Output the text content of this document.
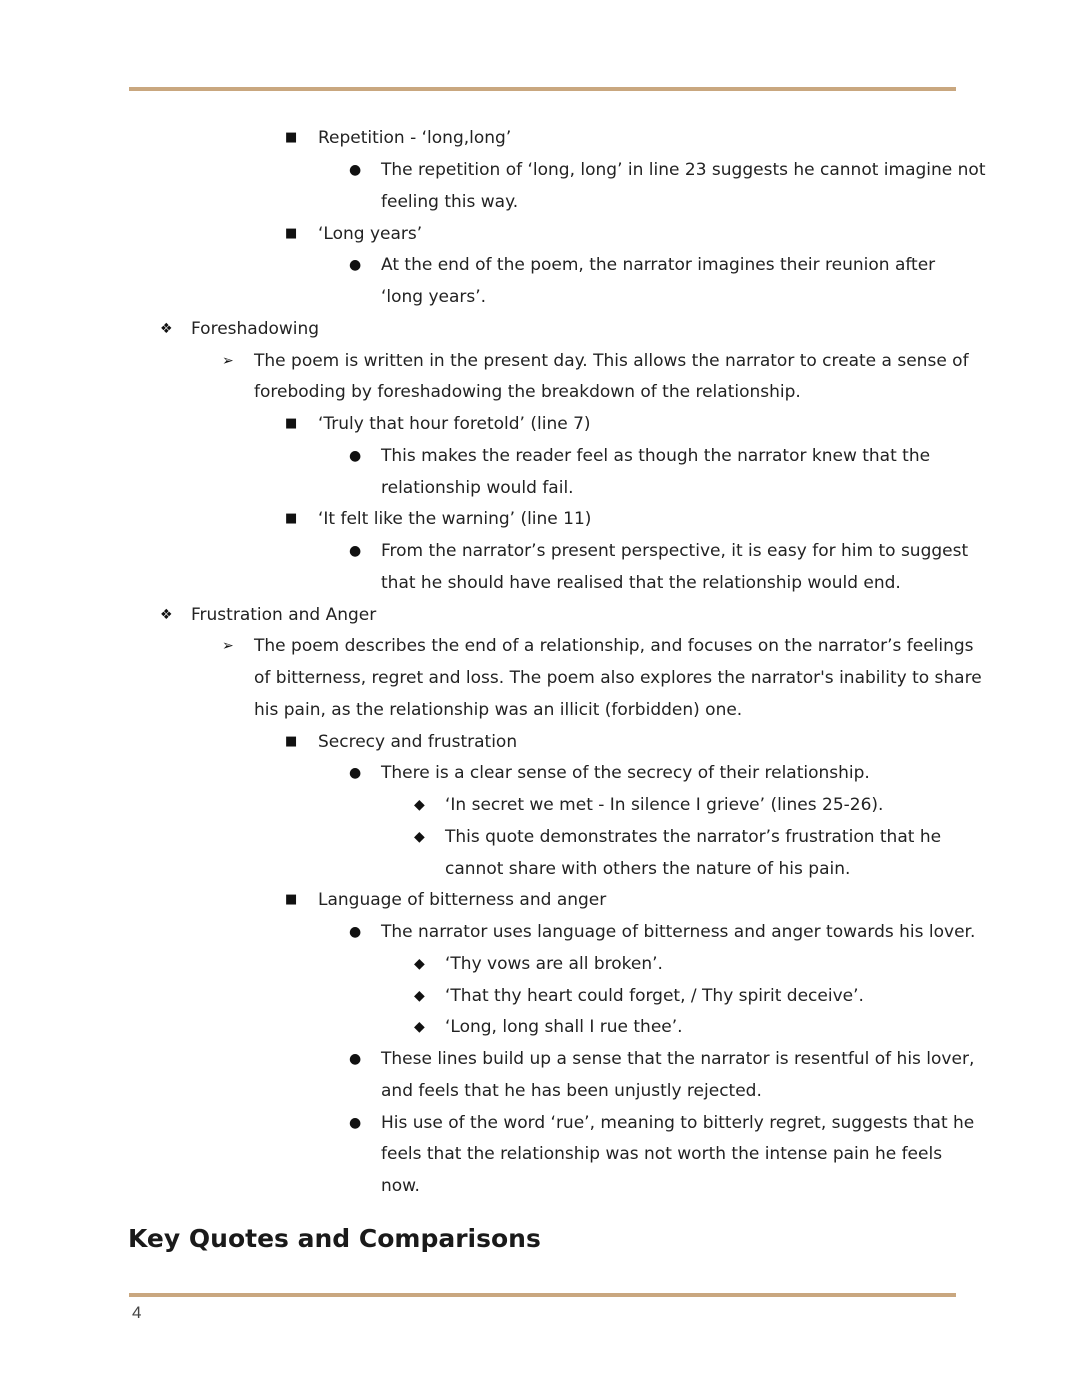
■ Repetition - ‘long,long’
● The repetition of ‘long, long’ in line 23 suggests he cannot imagine not
feeling this way.
■ ‘Long years’
● At the end of the poem, the narrator imagines their reunion after
‘long years’.
❖ Foreshadowing
➢ The poem is written in the present day. This allows the narrator to create a sense of
foreboding by foreshadowing the breakdown of the relationship.
■ ‘Truly that hour foretold’ (line 7)
● This makes the reader feel as though the narrator knew that the
relationship would fail.
■ ‘It felt like the warning’ (line 11)
● From the narrator’s present perspective, it is easy for him to suggest
that he should have realised that the relationship would end.
❖ Frustration and Anger
➢ The poem describes the end of a relationship, and focuses on the narrator’s feelings
of bitterness, regret and loss. The poem also explores the narrator's inability to share
his pain, as the relationship was an illicit (forbidden) one.
■ Secrecy and frustration
● There is a clear sense of the secrecy of their relationship.
◆ ‘In secret we met - In silence I grieve’ (lines 25-26).
◆ This quote demonstrates the narrator’s frustration that he
cannot share with others the nature of his pain.
■ Language of bitterness and anger
● The narrator uses language of bitterness and anger towards his lover.
◆ ‘Thy vows are all broken’.
◆ ‘That thy heart could forget, / Thy spirit deceive’.
◆ ‘Long, long shall I rue thee’.
● These lines build up a sense that the narrator is resentful of his lover,
and feels that he has been unjustly rejected.
● His use of the word ‘rue’, meaning to bitterly regret, suggests that he
feels that the relationship was not worth the intense pain he feels
now.
Key Quotes and Comparisons
4
